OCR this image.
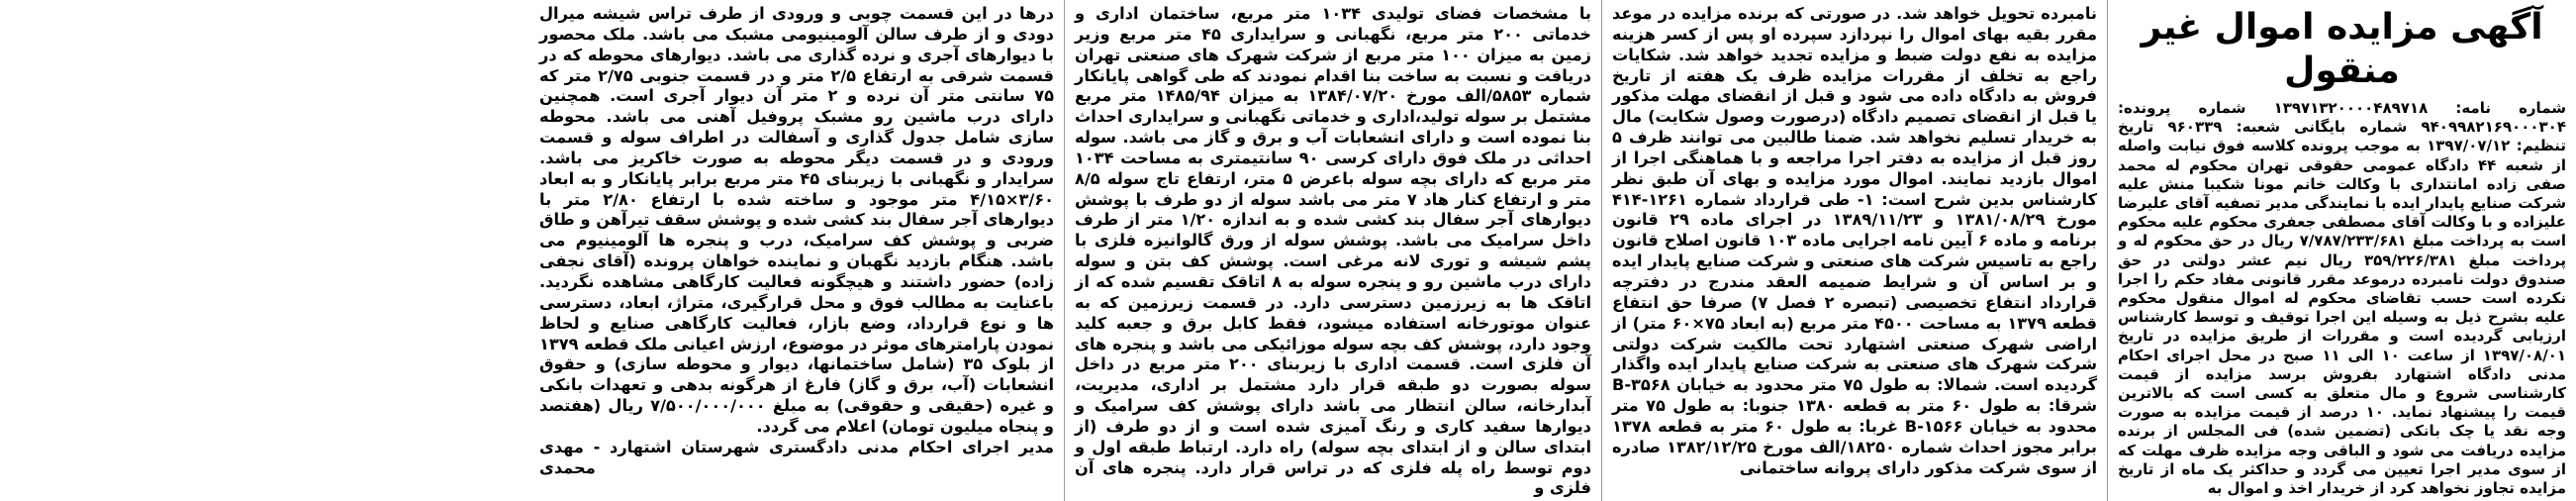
آگهی مزایده اموال غیر منقول

شماره نامه: ۱۳۹۷۱۳۲۰۰۰۰۴۸۹۷۱۸ شماره پرونده: ۹۴۰۹۹۸۲۱۶۹۰۰۰۳۰۴ شماره بایگانی شعبه: ۹۶۰۳۳۹ تاریخ تنظیم: ۱۳۹۷/۰۷/۱۲ به موجب پرونده کلاسه فوق نیابت واصله از شعبه ۴۴ دادگاه عمومی حقوقی تهران محکوم له محمد صفی زاده امانتداری با وکالت خانم مونا شکیبا منش علیه شرکت صنایع پایدار ایده با نمایندگی مدیر تصفیه آقای علیرضا علیزاده و با وکالت آقای مصطفی جعفری محکوم علیه محکوم است به پرداخت مبلغ ۷/۷۸۷/۲۳۳/۶۸۱ ریال در حق محکوم له و پرداخت مبلغ ۳۵۹/۲۲۶/۳۸۱ ریال نیم عشر دولتی در حق صندوق دولت نامبرده درموعد مقرر قانونی مفاد حکم را اجرا نکرده است حسب تقاضای محکوم له اموال منقول محکوم علیه بشرح ذیل به وسیله این اجرا توقیف و توسط کارشناس ارزیابی گردیده است و مقررات از طریق مزایده در تاریخ ۱۳۹۷/۰۸/۰۱ از ساعت ۱۰ الی ۱۱ صبح در محل اجرای احکام مدنی دادگاه اشتهارد بفروش برسد مزایده از قیمت کارشناسی شروع و مال متعلق به کسی است که بالاترین قیمت را پیشنهاد نماید. ۱۰ درصد از قیمت مزایده به صورت وجه نقد یا چک بانکی (تضمین شده) فی المجلس از برنده مزایده دریافت می شود و الباقی وجه مزایده ظرف مهلت که از سوی مدیر اجرا تعیین می گردد و حداکثر یک ماه از تاریخ مزایده تجاوز نخواهد کرد از خریدار اخذ و اموال به

نامبرده تحویل خواهد شد. در صورتی که برنده مزایده در موعد مقرر بقیه بهای اموال را نپردازد سپرده او پس از کسر هزینه مزایده به نفع دولت ضبط و مزایده تجدید خواهد شد. شکایات راجع به تخلف از مقررات مزایده ظرف یک هفته از تاریخ فروش به دادگاه داده می شود و قبل از انقضای مهلت مذکور یا قبل از انقضای تصمیم دادگاه (درصورت وصول شکایت) مال به خریدار تسلیم نخواهد شد. ضمنا طالبین می توانند ظرف ۵ روز قبل از مزایده به دفتر اجرا مراجعه و با هماهنگی اجرا از اموال بازدید نمایند. اموال مورد مزایده و بهای آن طبق نظر کارشناس بدین شرح است: ۱- طی قرارداد شماره ۱۲۶۱-۴۱۴ مورخ ۱۳۸۱/۰۸/۲۹ و ۱۳۸۹/۱۱/۲۳ در اجرای ماده ۲۹ قانون برنامه و ماده ۶ آیین نامه اجرایی ماده ۱۰۳ قانون اصلاح قانون راجع به تاسیس شرکت های صنعتی و شرکت صنایع پایدار ایده و بر اساس آن و شرایط ضمیمه العقد مندرج در دفترچه قرارداد انتفاع تخصیصی (تبصره ۲ فصل ۷) صرفا حق انتفاع قطعه ۱۳۷۹ به مساحت ۴۵۰۰ متر مربع (به ابعاد ۷۵×۶۰ متر) از اراضی شهرک صنعتی اشتهارد تحت مالکیت شرکت دولتی شرکت شهرک های صنعتی به شرکت صنایع پایدار ایده واگذار گردیده است. شمالا: به طول ۷۵ متر محدود به خیابان B-۳۵۶۸ شرقا: به طول ۶۰ متر به قطعه ۱۳۸۰ جنوبا: به طول ۷۵ متر محدود به خیابان B-۱۵۶۶ غربا: به طول ۶۰ متر به قطعه ۱۳۷۸ برابر مجوز احداث شماره ۱۸۲۵۰/الف مورخ ۱۳۸۲/۱۲/۲۵ صادره از سوی شرکت مذکور دارای پروانه ساختمانی

با مشخصات فضای تولیدی ۱۰۳۴ متر مربع، ساختمان اداری و خدماتی ۲۰۰ متر مربع، نگهبانی و سرایداری ۴۵ متر مربع وزیر زمین به میزان ۱۰۰ متر مربع از شرکت شهرک های صنعتی تهران دریافت و نسبت به ساخت بنا اقدام نمودند که طی گواهی پایانکار شماره ۵۸۵۳/الف مورخ ۱۳۸۴/۰۷/۲۰ به میزان ۱۴۸۵/۹۴ متر مربع مشتمل بر سوله تولید،اداری و خدماتی نگهبانی و سرایداری احداث بنا نموده است و دارای انشعابات آب و برق و گاز می باشد. سوله احداثی در ملک فوق دارای کرسی ۹۰ سانتیمتری به مساحت ۱۰۳۴ متر مربع که دارای بچه سوله باعرض ۵ متر، ارتفاع تاج سوله ۸/۵ متر و ارتفاع کنار هاد ۷ متر می باشد سوله از دو طرف با پوشش دیوارهای آجر سفال بند کشی شده و به اندازه ۱/۲۰ متر از طرف داخل سرامیک می باشد. پوشش سوله از ورق گالوانیزه فلزی با پشم شیشه و توری لانه مرغی است. پوشش کف بتن و سوله دارای درب ماشین رو و پنجره سوله به ۸ اتاقک تقسیم شده که از اتاقک ها به زیرزمین دسترسی دارد. در قسمت زیرزمین که به عنوان موتورخانه استفاده میشود، فقط کابل برق و جعبه کلید وجود دارد، پوشش کف بچه سوله موزائیکی می باشد و پنجره های آن فلزی است. قسمت اداری با زیربنای ۲۰۰ متر مربع در داخل سوله بصورت دو طبقه قرار دارد مشتمل بر اداری، مدیریت، آبدارخانه، سالن انتظار می باشد دارای پوشش کف سرامیک و دیوارها سفید کاری و رنگ آمیزی شده است و از دو طرف (از ابتدای سالن و از ابتدای بچه سوله) راه دارد. ارتباط طبقه اول و دوم توسط راه پله فلزی که در تراس قرار دارد. پنجره های آن فلزی و

درها در این قسمت چوبی و ورودی از طرف تراس شیشه میرال دودی و از طرف سالن آلومینیومی مشبک می باشد. ملک محصور با دیوارهای آجری و نرده گذاری می باشد. دیوارهای محوطه که در قسمت شرقی به ارتفاع ۲/۵ متر و در قسمت جنوبی ۲/۷۵ متر که ۷۵ سانتی متر آن نرده و ۲ متر آن دیوار آجری است. همچنین دارای درب ماشین رو مشبک پروفیل آهنی می باشد. محوطه سازی شامل جدول گذاری و آسفالت در اطراف سوله و قسمت ورودی و در قسمت دیگر محوطه به صورت خاکریز می باشد. سرایدار و نگهبانی با زیربنای ۴۵ متر مربع برابر پایانکار و به ابعاد ۳/۶۰×۴/۱۵ متر موجود و ساخته شده با ارتفاع ۲/۸۰ متر با دیوارهای آجر سفال بند کشی شده و پوشش سقف تیرآهن و طاق ضربی و پوشش کف سرامیک، درب و پنجره ها آلومینیوم می باشد. هنگام بازدید نگهبان و نماینده خواهان پرونده (آقای نجفی زاده) حضور داشتند و هیچگونه فعالیت کارگاهی مشاهده نگردید. باعنایت به مطالب فوق و محل قرارگیری، متراژ، ابعاد، دسترسی ها و نوع قرارداد، وضع بازار، فعالیت کارگاهی صنایع و لحاظ نمودن پارامترهای موثر در موضوع، ارزش اعیانی ملک قطعه ۱۳۷۹ از بلوک ۳۵ (شامل ساختمانها، دیوار و محوطه سازی) و حقوق انشعابات (آب، برق و گاز) فارغ از هرگونه بدهی و تعهدات بانکی و غیره (حقیقی و حقوقی) به مبلغ ۷/۵۰۰/۰۰۰/۰۰۰ ریال (هفتصد و پنجاه میلیون تومان) اعلام می گردد.

مدیر اجرای احکام مدنی دادگستری شهرستان اشتهارد - مهدی محمدی
